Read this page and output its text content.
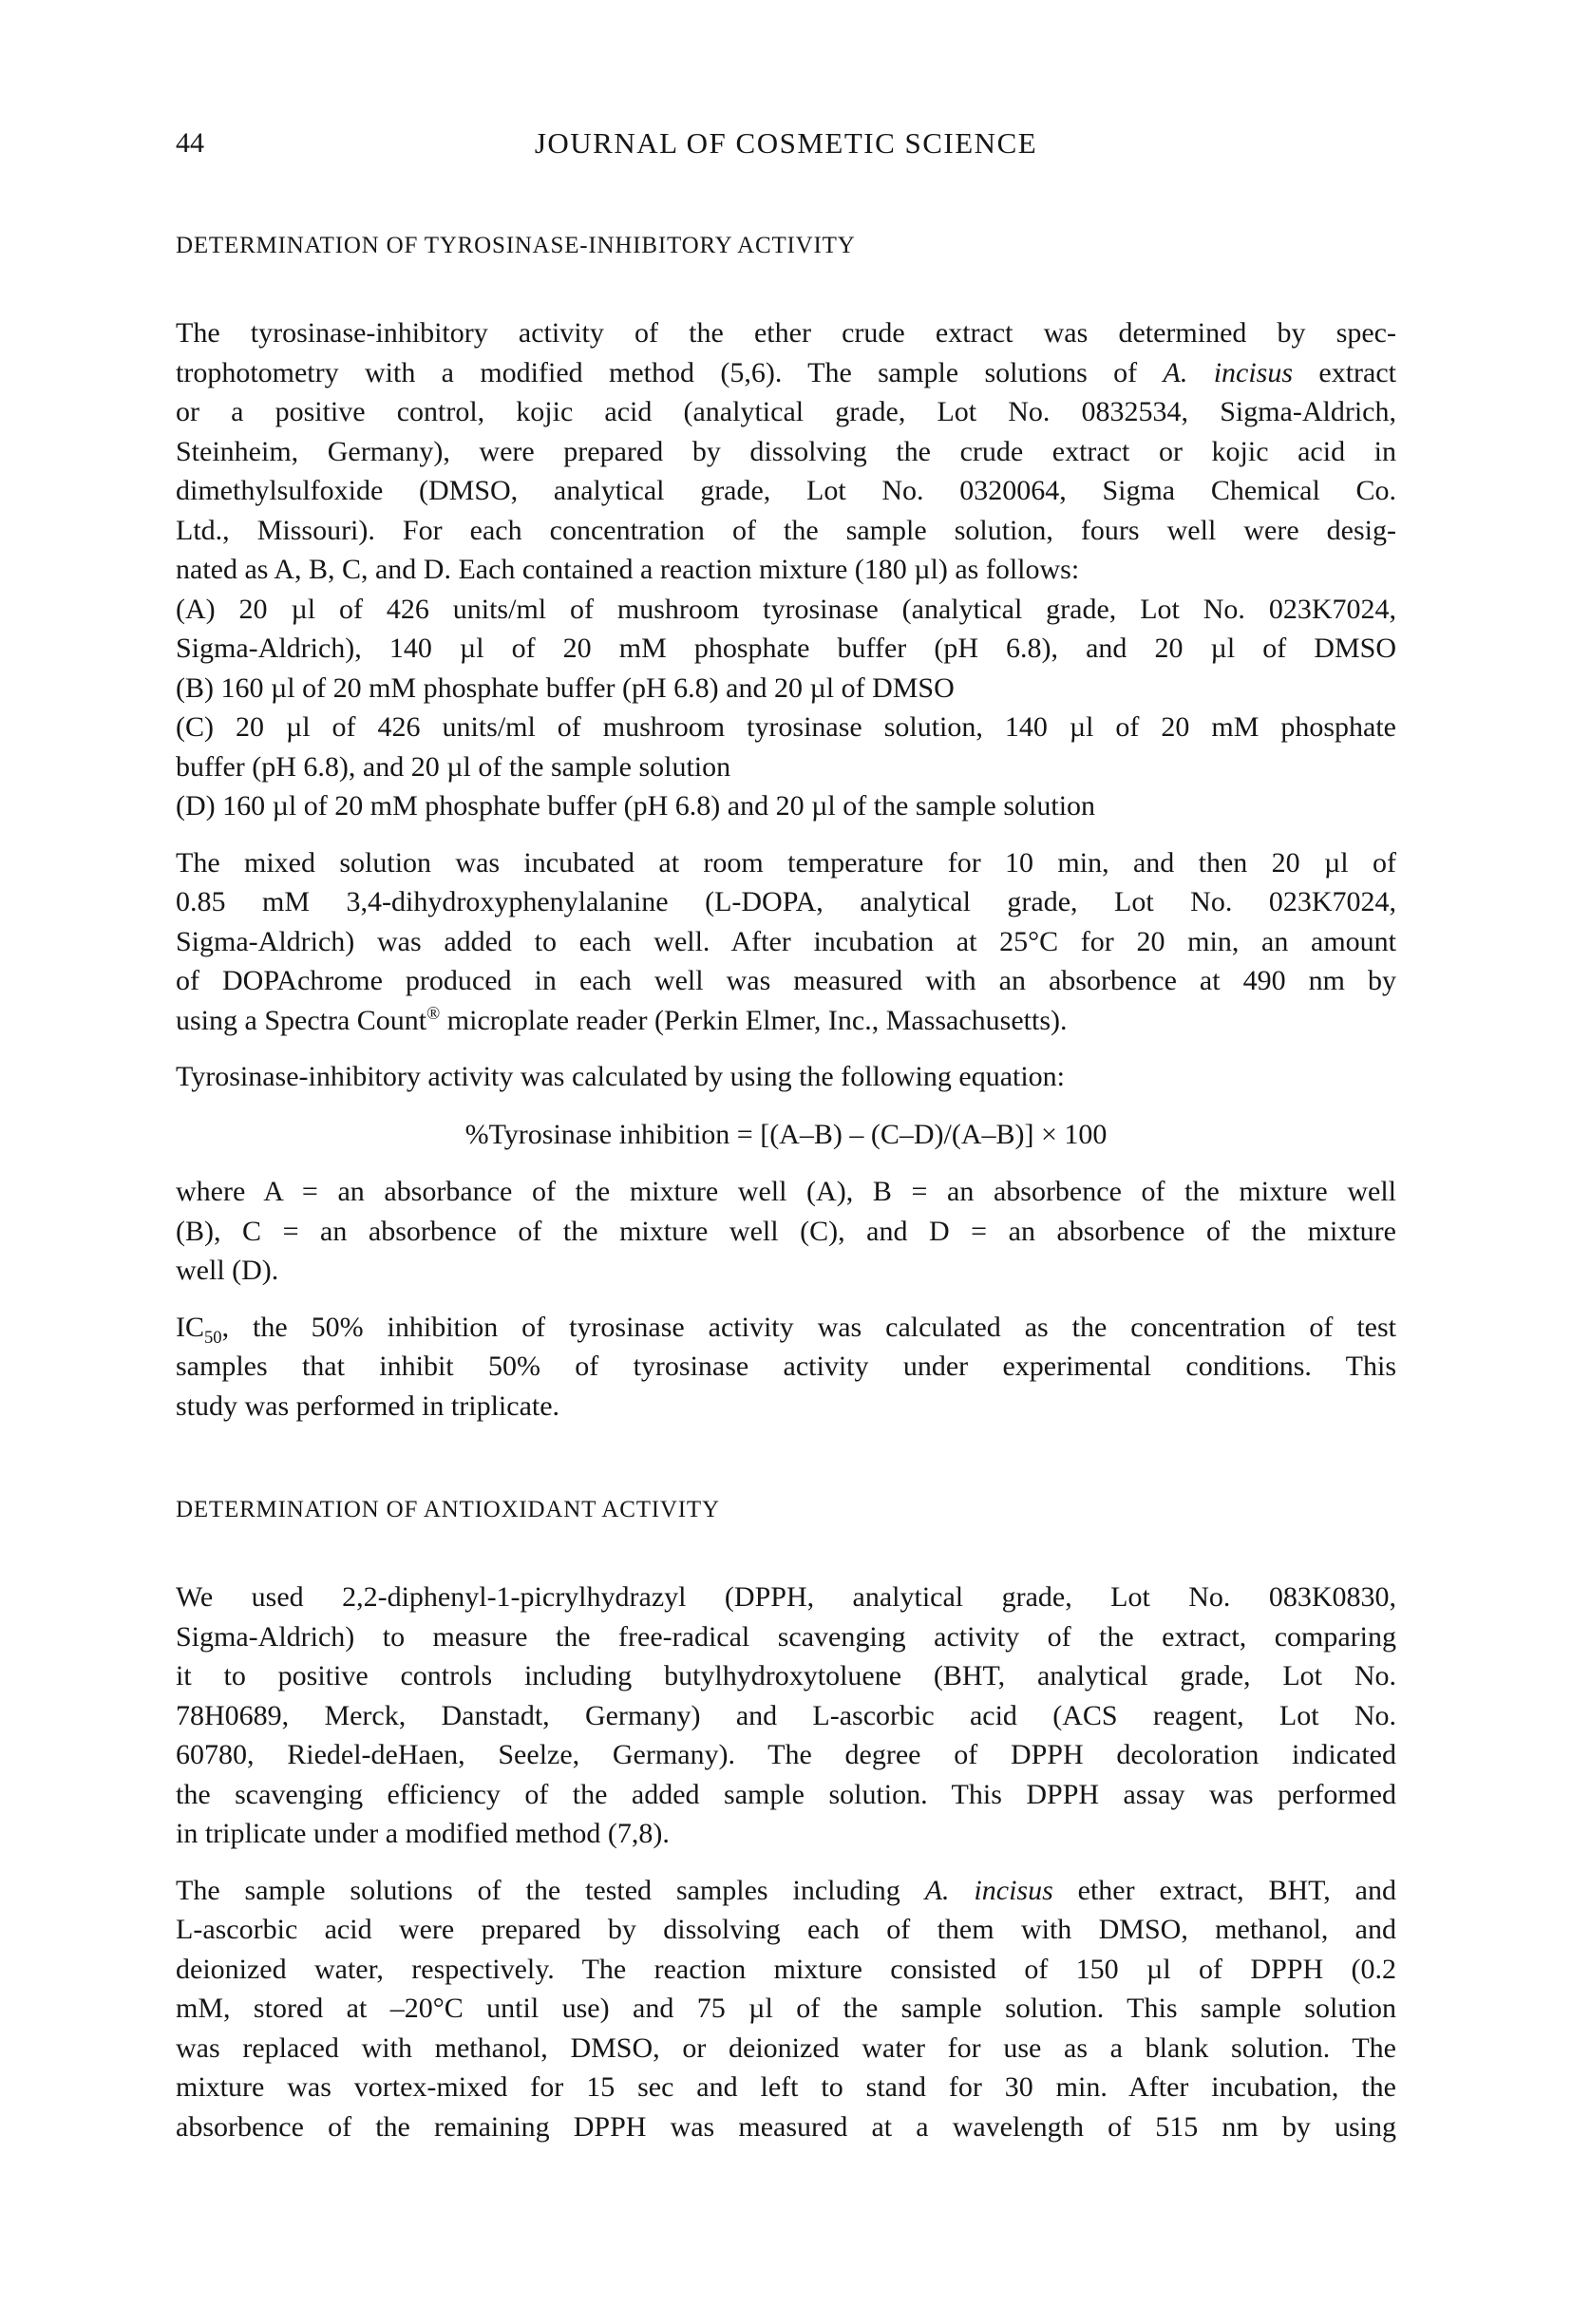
44	JOURNAL OF COSMETIC SCIENCE
DETERMINATION OF TYROSINASE-INHIBITORY ACTIVITY
The tyrosinase-inhibitory activity of the ether crude extract was determined by spec-
trophotometry with a modified method (5,6). The sample solutions of A. incisus extract
or a positive control, kojic acid (analytical grade, Lot No. 0832534, Sigma-Aldrich,
Steinheim, Germany), were prepared by dissolving the crude extract or kojic acid in
dimethylsulfoxide (DMSO, analytical grade, Lot No. 0320064, Sigma Chemical Co.
Ltd., Missouri). For each concentration of the sample solution, fours well were desig-
nated as A, B, C, and D. Each contained a reaction mixture (180 µl) as follows:
(A) 20 µl of 426 units/ml of mushroom tyrosinase (analytical grade, Lot No. 023K7024,
Sigma-Aldrich), 140 µl of 20 mM phosphate buffer (pH 6.8), and 20 µl of DMSO
(B) 160 µl of 20 mM phosphate buffer (pH 6.8) and 20 µl of DMSO
(C) 20 µl of 426 units/ml of mushroom tyrosinase solution, 140 µl of 20 mM phosphate
buffer (pH 6.8), and 20 µl of the sample solution
(D) 160 µl of 20 mM phosphate buffer (pH 6.8) and 20 µl of the sample solution
The mixed solution was incubated at room temperature for 10 min, and then 20 µl of
0.85 mM 3,4-dihydroxyphenylalanine (L-DOPA, analytical grade, Lot No. 023K7024,
Sigma-Aldrich) was added to each well. After incubation at 25°C for 20 min, an amount
of DOPAchrome produced in each well was measured with an absorbence at 490 nm by
using a Spectra Count® microplate reader (Perkin Elmer, Inc., Massachusetts).
Tyrosinase-inhibitory activity was calculated by using the following equation:
%Tyrosinase inhibition = [(A–B) – (C–D)/(A–B)] × 100
where A = an absorbance of the mixture well (A), B = an absorbence of the mixture well
(B), C = an absorbence of the mixture well (C), and D = an absorbence of the mixture
well (D).
$IC_{50}$, the 50% inhibition of tyrosinase activity was calculated as the concentration of test
samples that inhibit 50% of tyrosinase activity under experimental conditions. This
study was performed in triplicate.
DETERMINATION OF ANTIOXIDANT ACTIVITY
We used 2,2-diphenyl-1-picrylhydrazyl (DPPH, analytical grade, Lot No. 083K0830,
Sigma-Aldrich) to measure the free-radical scavenging activity of the extract, comparing
it to positive controls including butylhydroxytoluene (BHT, analytical grade, Lot No.
78H0689, Merck, Danstadt, Germany) and L-ascorbic acid (ACS reagent, Lot No.
60780, Riedel-deHaen, Seelze, Germany). The degree of DPPH decoloration indicated
the scavenging efficiency of the added sample solution. This DPPH assay was performed
in triplicate under a modified method (7,8).
The sample solutions of the tested samples including A. incisus ether extract, BHT, and
L-ascorbic acid were prepared by dissolving each of them with DMSO, methanol, and
deionized water, respectively. The reaction mixture consisted of 150 µl of DPPH (0.2
mM, stored at –20°C until use) and 75 µl of the sample solution. This sample solution
was replaced with methanol, DMSO, or deionized water for use as a blank solution. The
mixture was vortex-mixed for 15 sec and left to stand for 30 min. After incubation, the
absorbence of the remaining DPPH was measured at a wavelength of 515 nm by using
